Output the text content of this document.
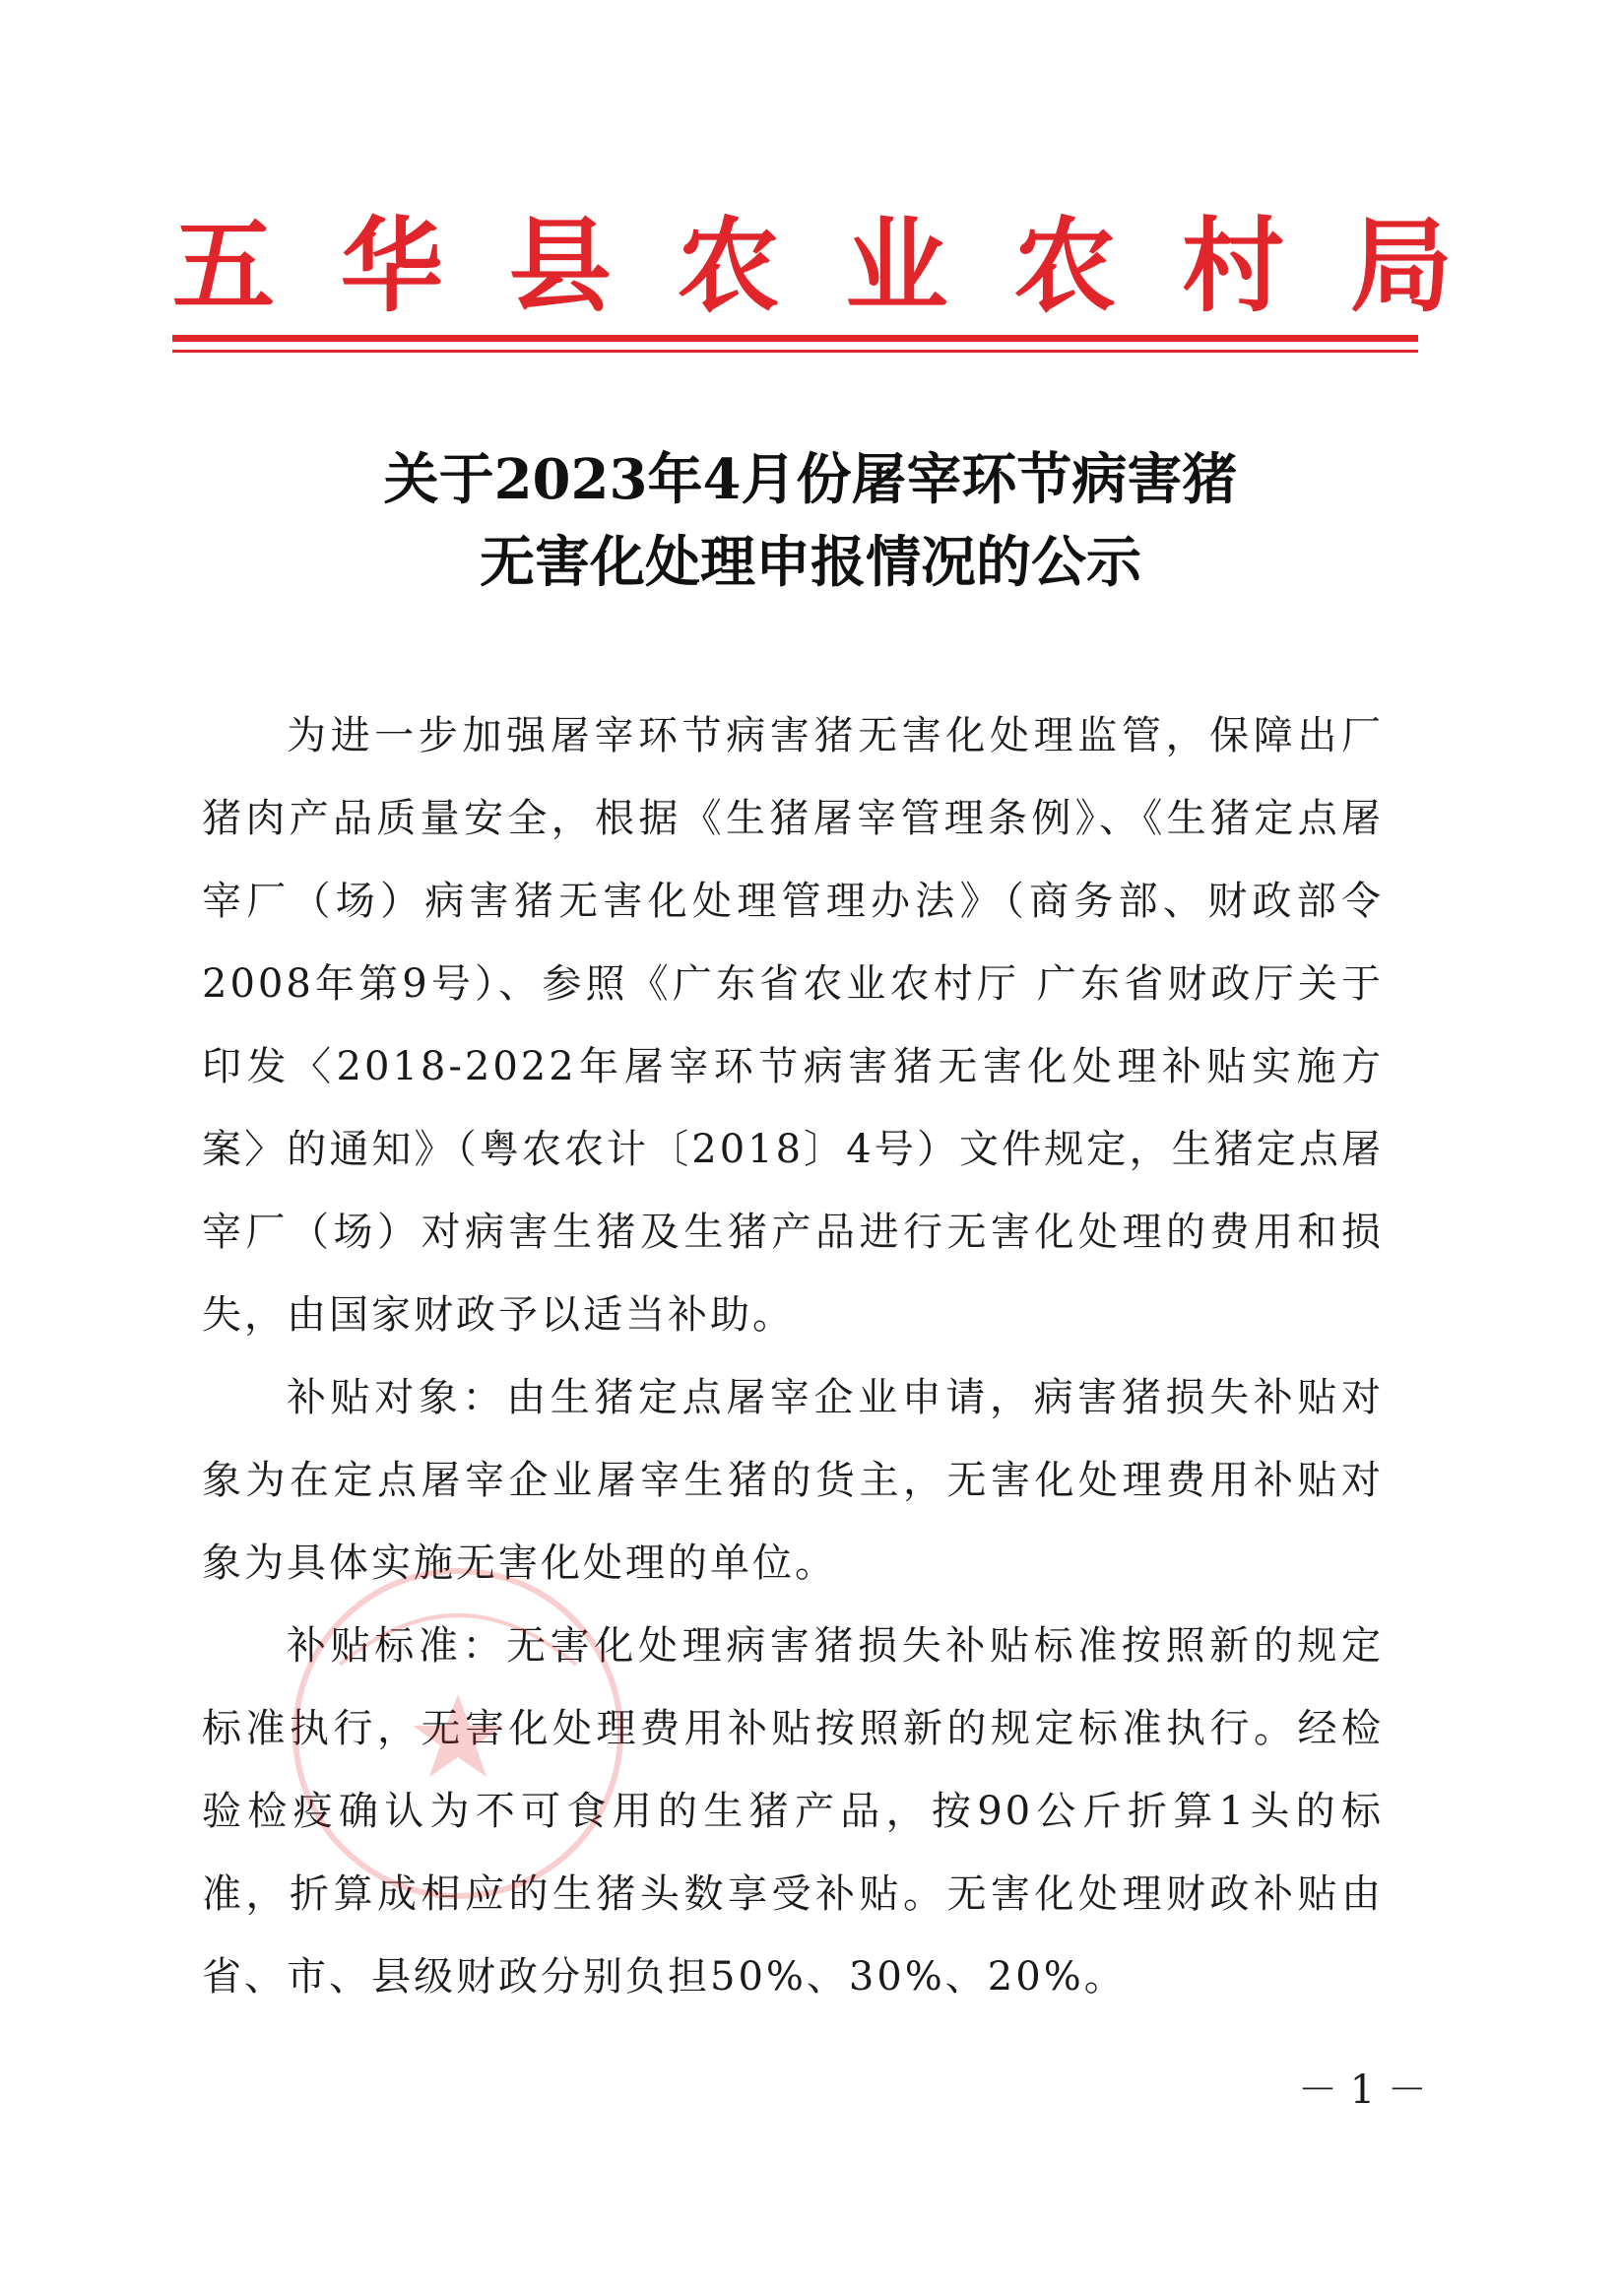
五 华 县 农 业 农 村 局
关于2023年4月份屠宰环节病害猪
无害化处理申报情况的公示

为进一步加强屠宰环节病害猪无害化处理监管，保障出厂猪肉产品质量安全，根据《生猪屠宰管理条例》、《生猪定点屠宰厂（场）病害猪无害化处理管理办法》（商务部、财政部令2008年第9号）、参照《广东省农业农村厅 广东省财政厅关于印发〈2018-2022年屠宰环节病害猪无害化处理补贴实施方案〉的通知》（粤农农计〔2018〕4号）文件规定，生猪定点屠宰厂（场）对病害生猪及生猪产品进行无害化处理的费用和损失，由国家财政予以适当补助。

补贴对象：由生猪定点屠宰企业申请，病害猪损失补贴对象为在定点屠宰企业屠宰生猪的货主，无害化处理费用补贴对象为具体实施无害化处理的单位。

补贴标准：无害化处理病害猪损失补贴标准按照新的规定标准执行，无害化处理费用补贴按照新的规定标准执行。经检验检疫确认为不可食用的生猪产品，按90公斤折算1头的标准，折算成相应的生猪头数享受补贴。无害化处理财政补贴由省、市、县级财政分别负担50%、30%、20%。

－ 1 －
